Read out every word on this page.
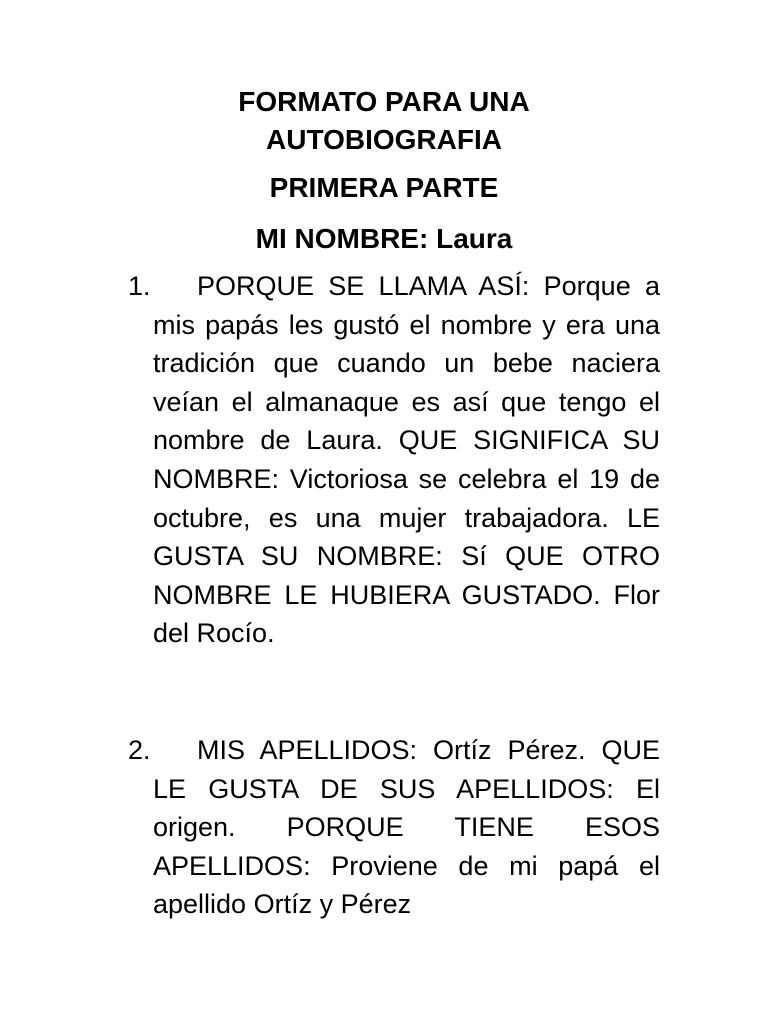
FORMATO PARA UNA
AUTOBIOGRAFIA
PRIMERA PARTE
MI NOMBRE: Laura
1.	PORQUE SE LLAMA ASÍ: Porque a mis papás les gustó el nombre y era una tradición que cuando un bebe naciera veían el almanaque es así que tengo el nombre de Laura. QUE SIGNIFICA SU NOMBRE: Victoriosa se celebra el 19 de octubre, es una mujer trabajadora. LE GUSTA SU NOMBRE: Sí QUE OTRO NOMBRE LE HUBIERA GUSTADO. Flor del Rocío.

2.	MIS APELLIDOS: Ortíz Pérez. QUE LE GUSTA DE SUS APELLIDOS: El origen. PORQUE TIENE ESOS APELLIDOS: Proviene de mi papá el apellido Ortíz y Pérez
